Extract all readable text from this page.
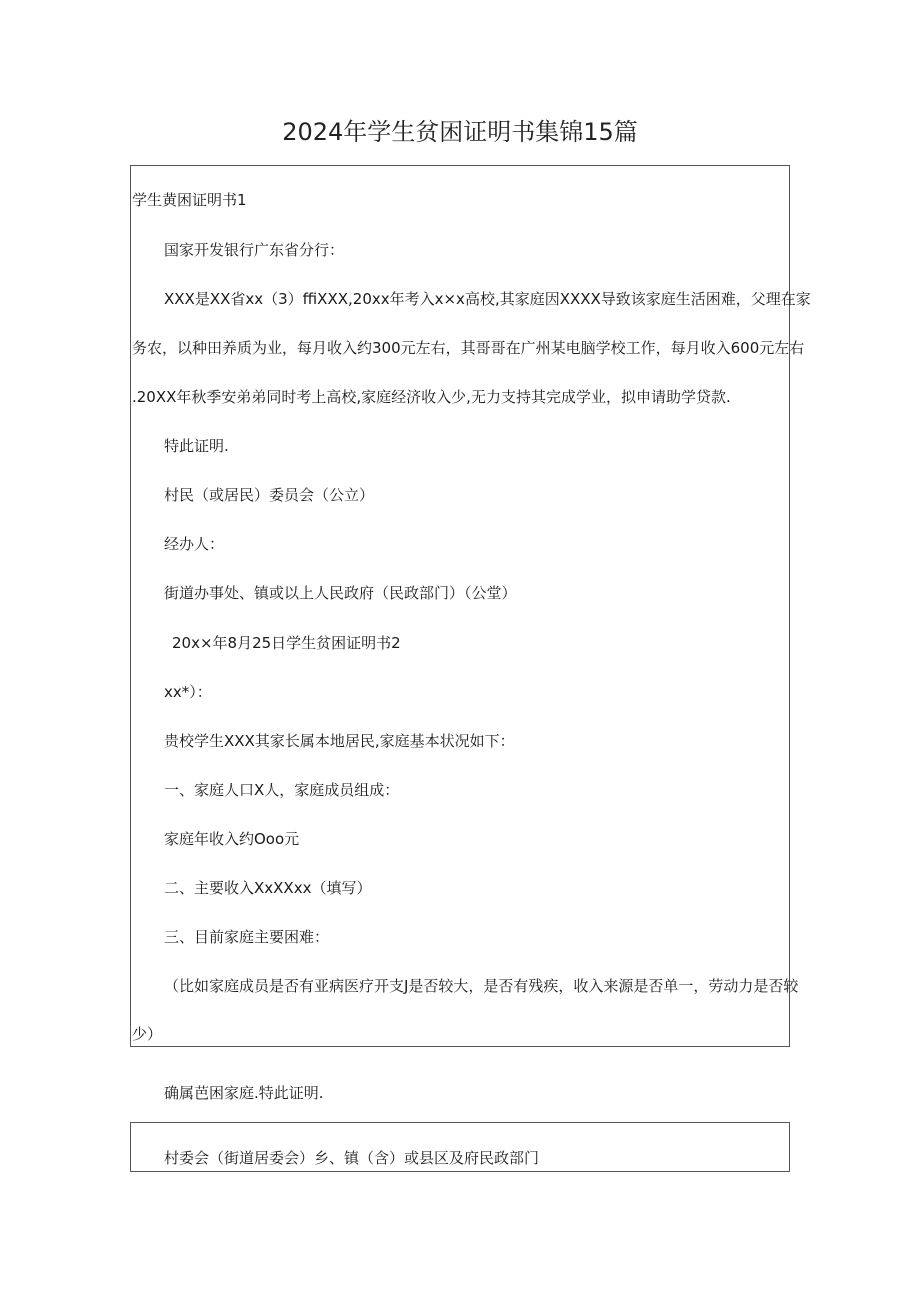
2024年学生贫困证明书集锦15篇
学生黄困证明书1
国家开发银行广东省分行：
XXX是XX省xx（3）ffiXXX,20xx年考入x×x高校,其家庭因XXXX导致该家庭生活困难，父理在家
务农，以种田养质为业，每月收入约300元左右，其哥哥在广州某电脑学校工作，每月收入600元左右
.20XX年秋季安弟弟同时考上高校,家庭经济收入少,无力支持其完成学业，拟申请助学贷款.
特此证明.
村民（或居民）委员会（公立）
经办人：
街道办事处、镇或以上人民政府（民政部门）（公堂）
20x×年8月25日学生贫困证明书2
xx*）：
贵校学生XXX其家长属本地居民,家庭基本状况如下：
一、家庭人口X人，家庭成员组成：
家庭年收入约Ooo元
二、主要收入XxXXxx（填写）
三、目前家庭主要困难：
（比如家庭成员是否有亚病医疗开支J是否较大，是否有残疾，收入来源是否单一，劳动力是否较
少）
确属芭困家庭.特此证明.
村委会（街道居委会）乡、镇（含）或县区及府民政部门
